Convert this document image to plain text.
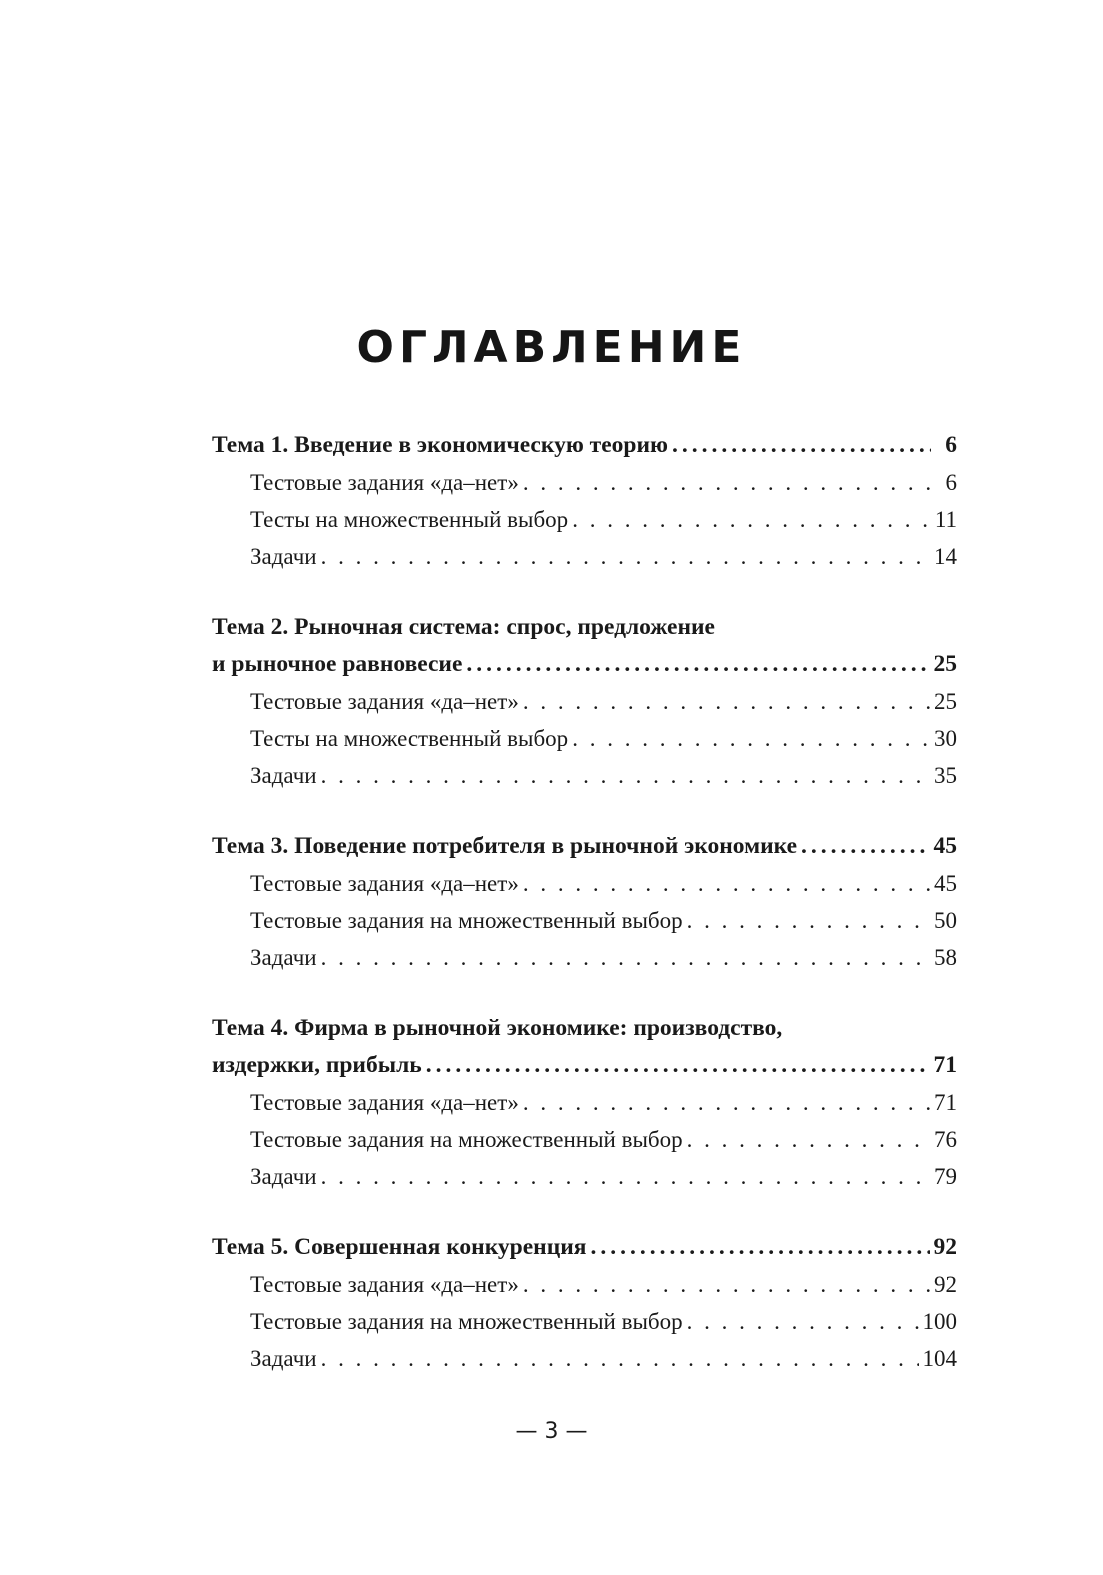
ОГЛАВЛЕНИЕ
Тема 1. Введение в экономическую теорию .....	6
Тестовые задания «да–нет» . . .	6
Тесты на множественный выбор . . .	11
Задачи . . .	14
Тема 2. Рыночная система: спрос, предложение
и рыночное равновесие .....	25
Тестовые задания «да–нет» . . .	25
Тесты на множественный выбор . . .	30
Задачи . . .	35
Тема 3. Поведение потребителя в рыночной экономике .....	45
Тестовые задания «да–нет» . . .	45
Тестовые задания на множественный выбор . . .	50
Задачи . . .	58
Тема 4. Фирма в рыночной экономике: производство,
издержки, прибыль .....	71
Тестовые задания «да–нет» . . .	71
Тестовые задания на множественный выбор . . .	76
Задачи . . .	79
Тема 5. Совершенная конкуренция .....	92
Тестовые задания «да–нет» . . .	92
Тестовые задания на множественный выбор . . .	100
Задачи . . .	104
— 3 —
